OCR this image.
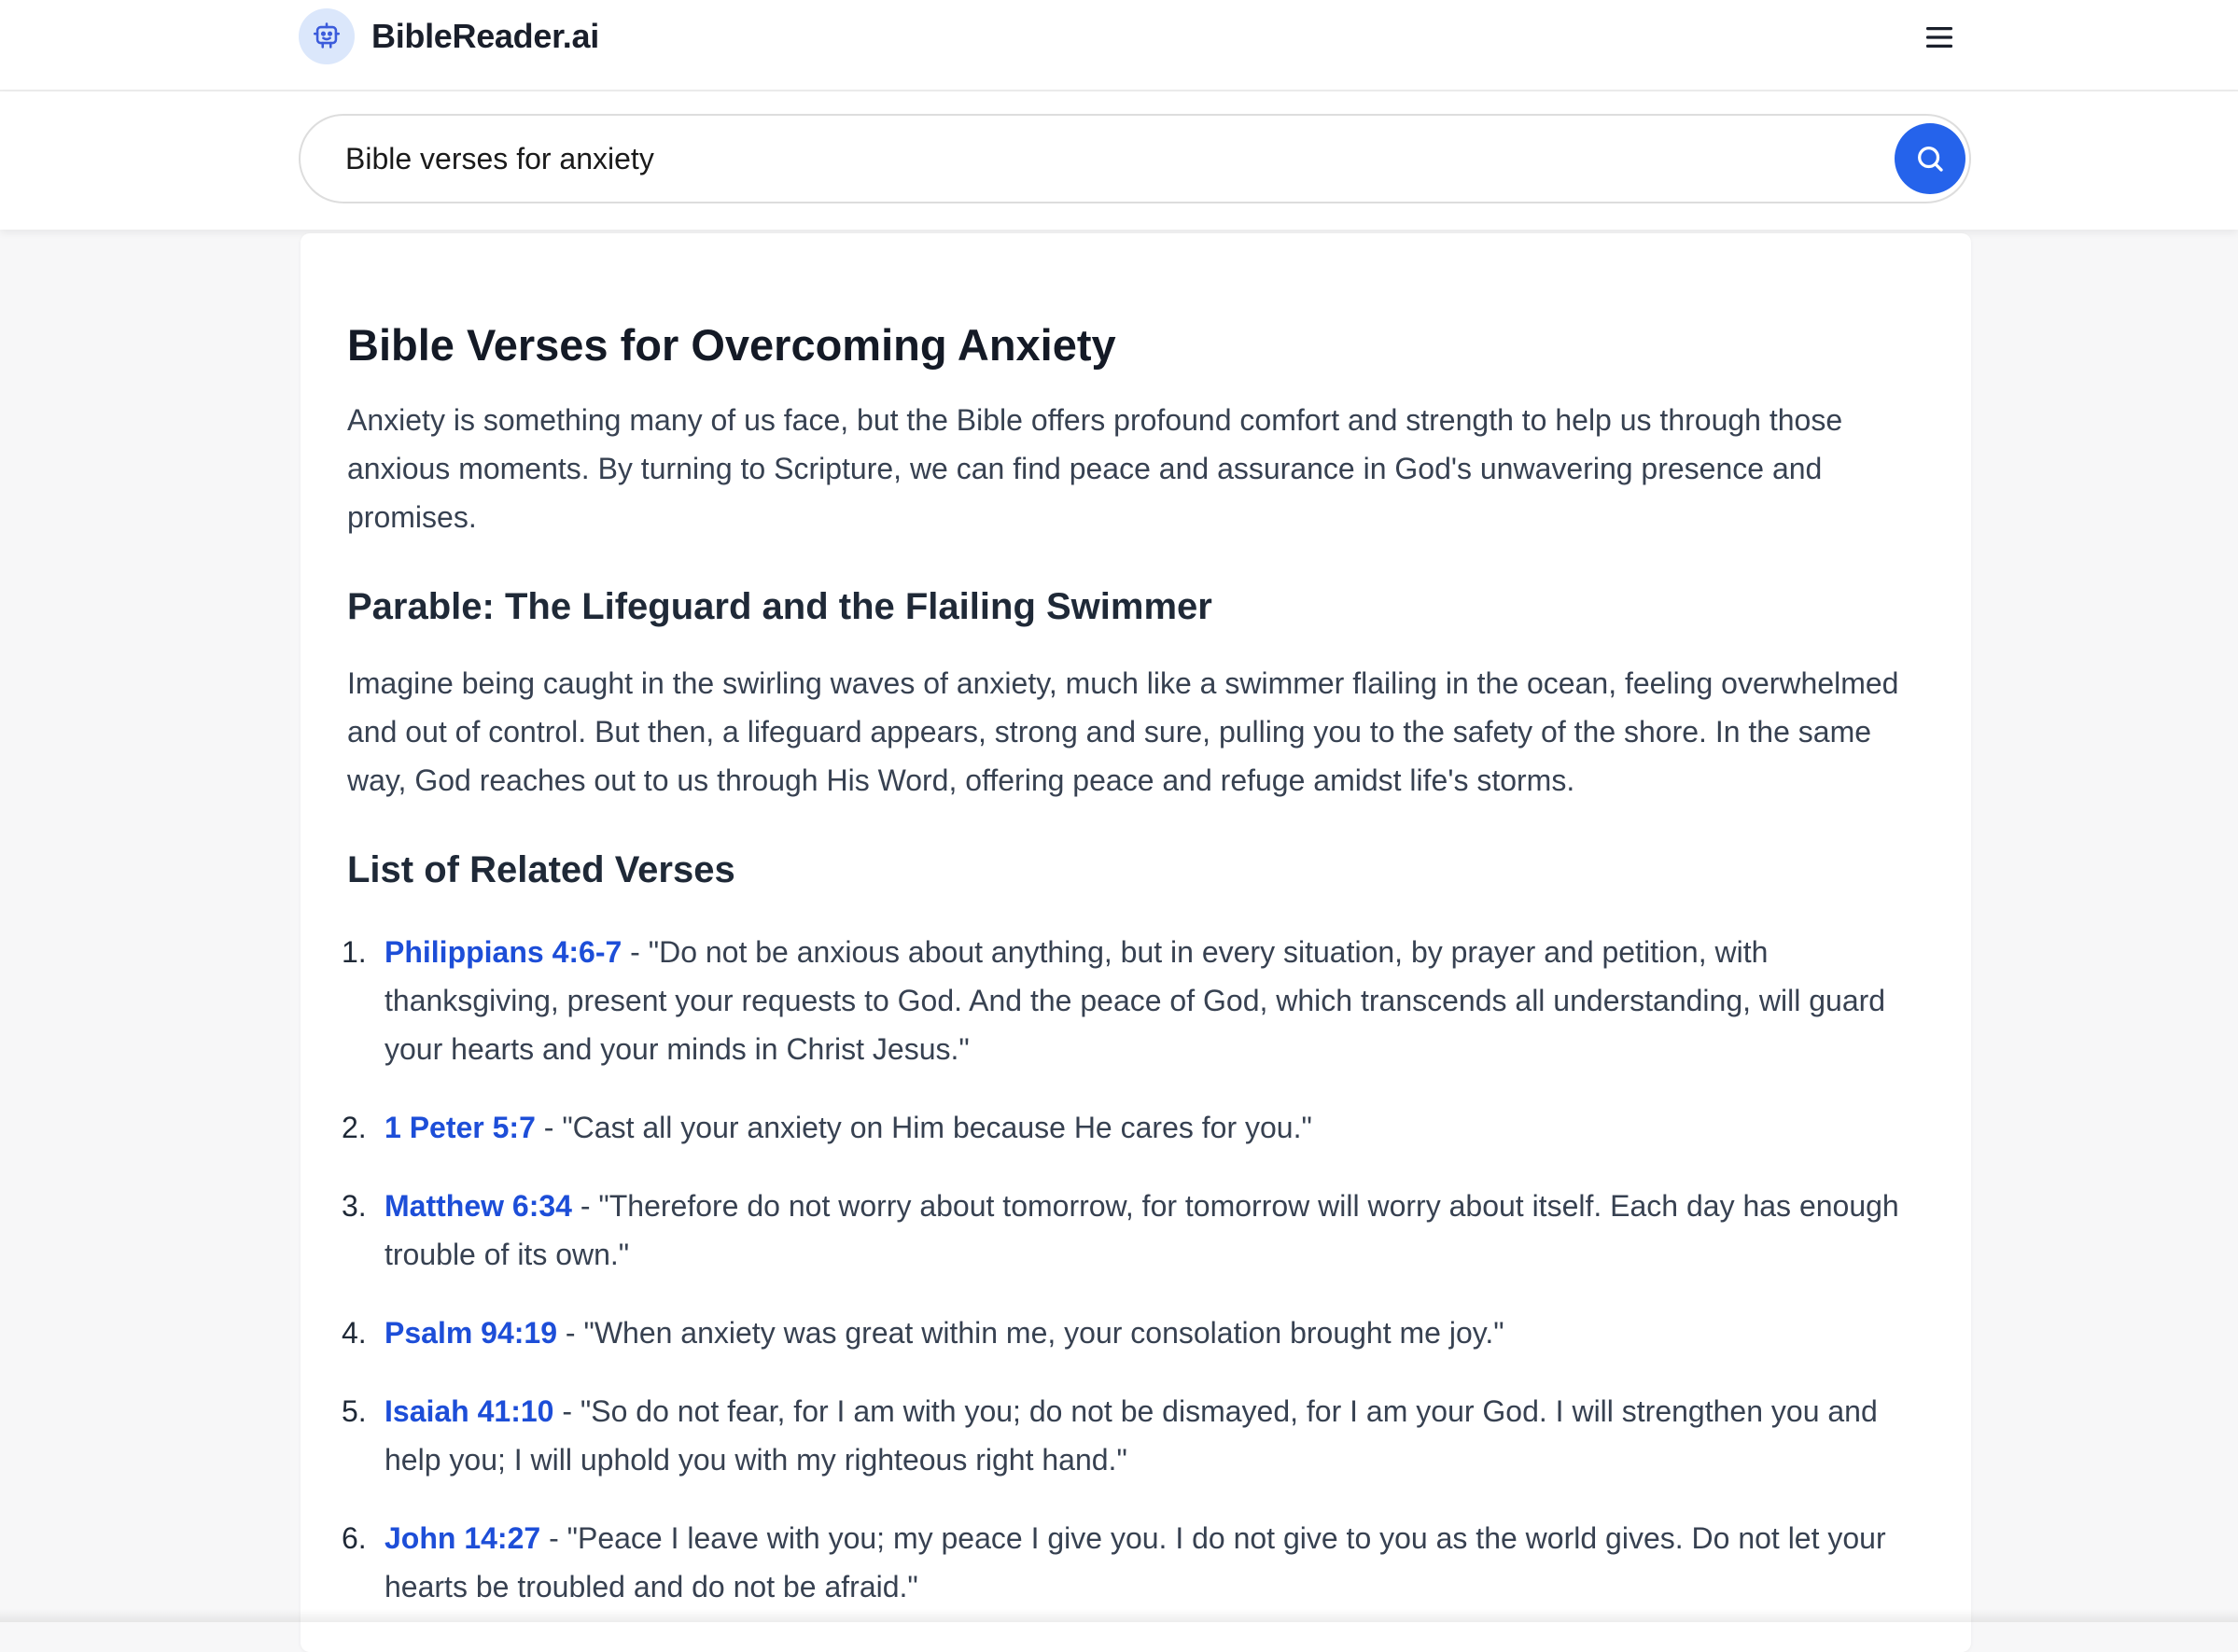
BibleReader.ai
Bible verses for anxiety
Bible Verses for Overcoming Anxiety

Anxiety is something many of us face, but the Bible offers profound comfort and strength to help us through those anxious moments. By turning to Scripture, we can find peace and assurance in God's unwavering presence and promises.

Parable: The Lifeguard and the Flailing Swimmer

Imagine being caught in the swirling waves of anxiety, much like a swimmer flailing in the ocean, feeling overwhelmed and out of control. But then, a lifeguard appears, strong and sure, pulling you to the safety of the shore. In the same way, God reaches out to us through His Word, offering peace and refuge amidst life's storms.

List of Related Verses
1. Philippians 4:6-7 - "Do not be anxious about anything, but in every situation, by prayer and petition, with thanksgiving, present your requests to God. And the peace of God, which transcends all understanding, will guard your hearts and your minds in Christ Jesus."
2. 1 Peter 5:7 - "Cast all your anxiety on Him because He cares for you."
3. Matthew 6:34 - "Therefore do not worry about tomorrow, for tomorrow will worry about itself. Each day has enough trouble of its own."
4. Psalm 94:19 - "When anxiety was great within me, your consolation brought me joy."
5. Isaiah 41:10 - "So do not fear, for I am with you; do not be dismayed, for I am your God. I will strengthen you and help you; I will uphold you with my righteous right hand."
6. John 14:27 - "Peace I leave with you; my peace I give you. I do not give to you as the world gives. Do not let your hearts be troubled and do not be afraid."
